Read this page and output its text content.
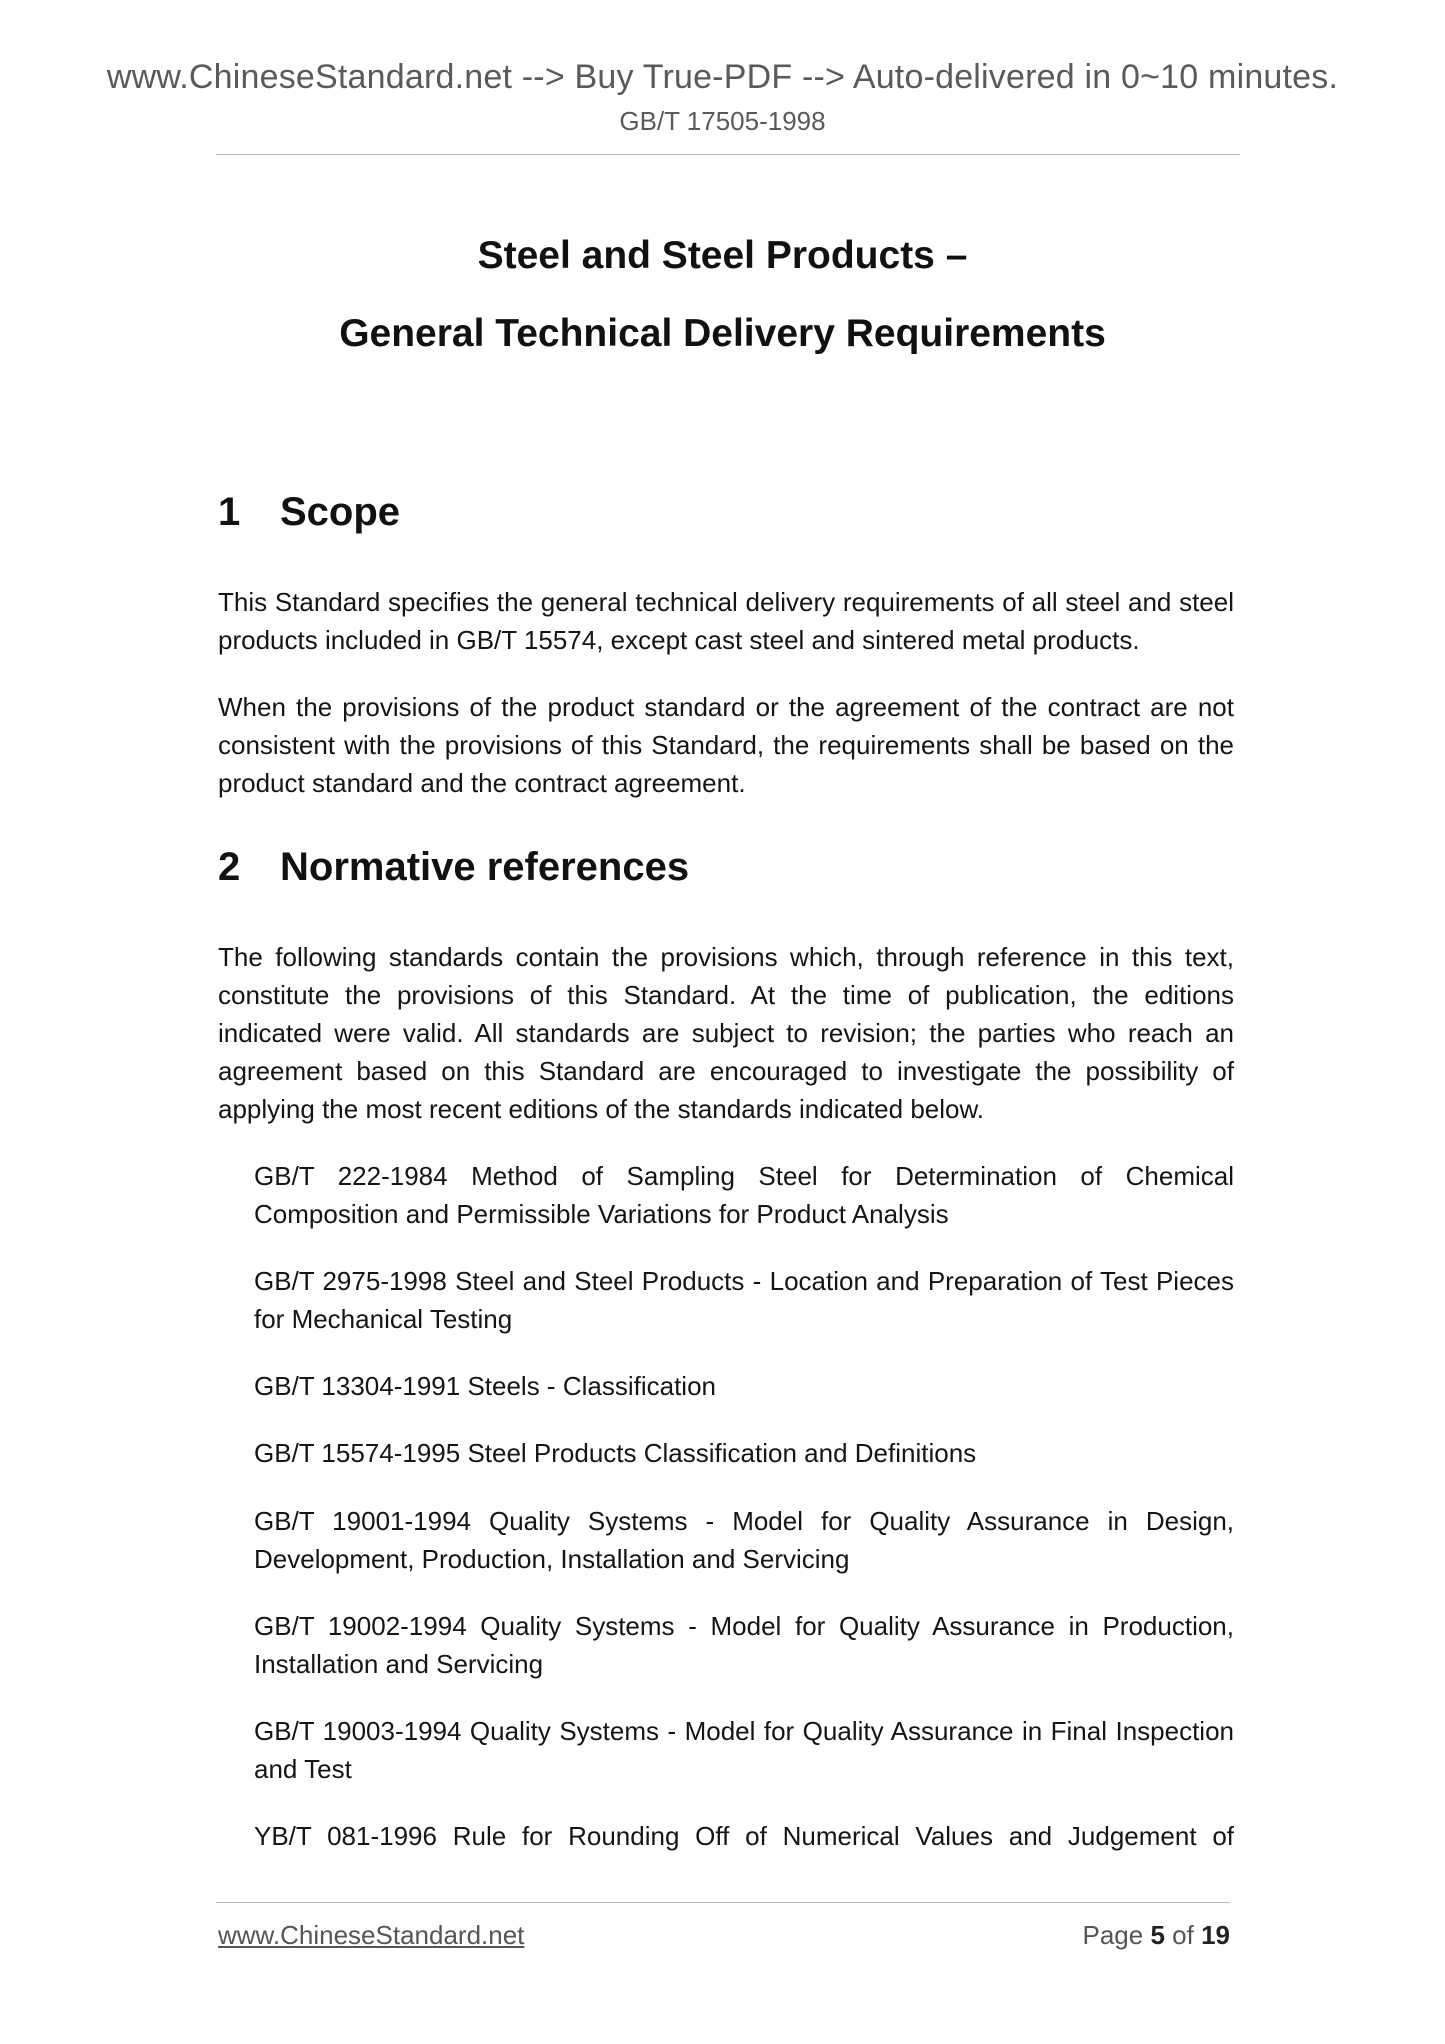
www.ChineseStandard.net --> Buy True-PDF --> Auto-delivered in 0~10 minutes.
GB/T 17505-1998
Steel and Steel Products –
General Technical Delivery Requirements
1 Scope
This Standard specifies the general technical delivery requirements of all steel and steel products included in GB/T 15574, except cast steel and sintered metal products.
When the provisions of the product standard or the agreement of the contract are not consistent with the provisions of this Standard, the requirements shall be based on the product standard and the contract agreement.
2 Normative references
The following standards contain the provisions which, through reference in this text, constitute the provisions of this Standard. At the time of publication, the editions indicated were valid. All standards are subject to revision; the parties who reach an agreement based on this Standard are encouraged to investigate the possibility of applying the most recent editions of the standards indicated below.
GB/T 222-1984 Method of Sampling Steel for Determination of Chemical Composition and Permissible Variations for Product Analysis
GB/T 2975-1998 Steel and Steel Products - Location and Preparation of Test Pieces for Mechanical Testing
GB/T 13304-1991 Steels - Classification
GB/T 15574-1995 Steel Products Classification and Definitions
GB/T 19001-1994 Quality Systems - Model for Quality Assurance in Design, Development, Production, Installation and Servicing
GB/T 19002-1994 Quality Systems - Model for Quality Assurance in Production, Installation and Servicing
GB/T 19003-1994 Quality Systems - Model for Quality Assurance in Final Inspection and Test
YB/T 081-1996 Rule for Rounding Off of Numerical Values and Judgement of
www.ChineseStandard.net	Page 5 of 19
